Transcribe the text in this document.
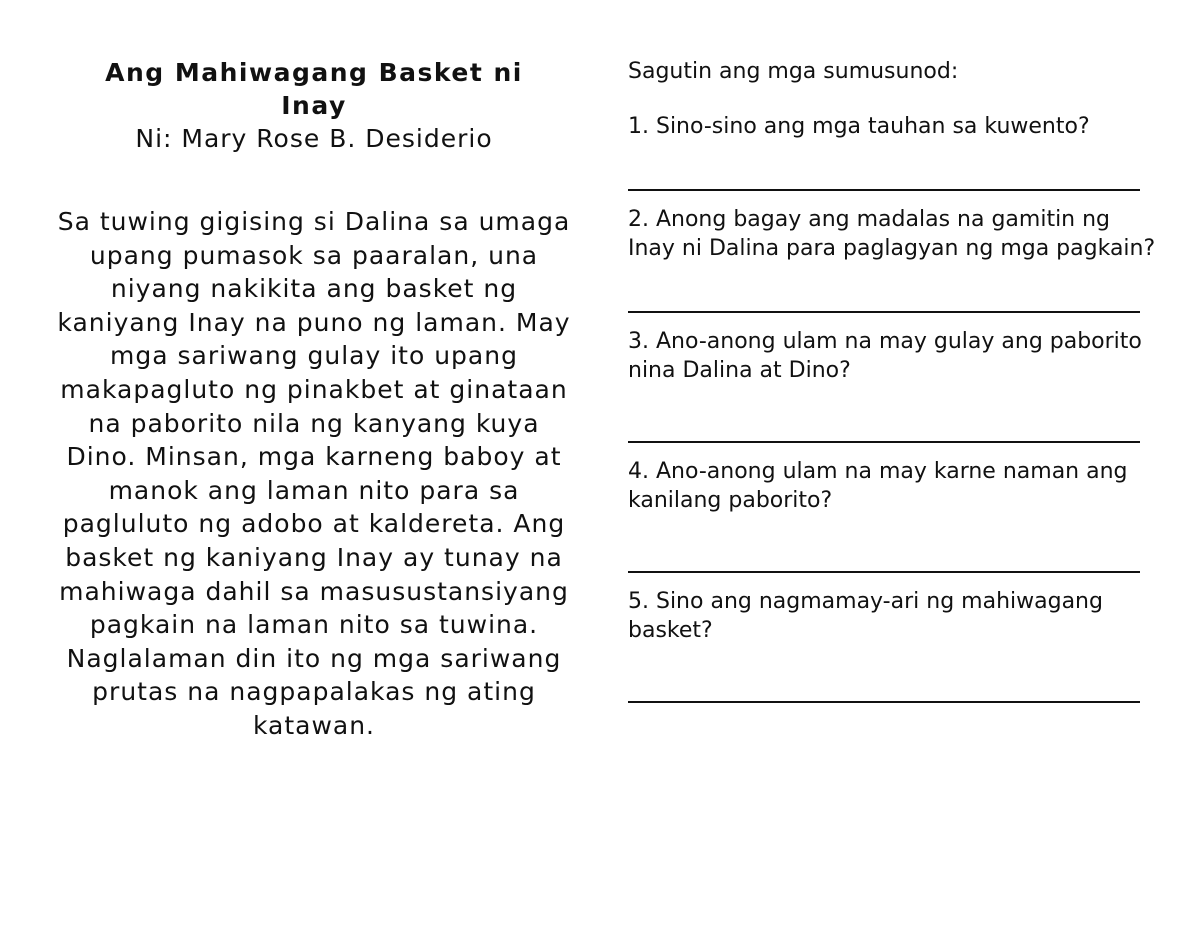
Ang Mahiwagang Basket ni Inay
Ni: Mary Rose B. Desiderio
Sa tuwing gigising si Dalina sa umaga upang pumasok sa paaralan, una niyang nakikita ang basket ng kaniyang Inay na puno ng laman. May mga sariwang gulay ito upang makapagluto ng pinakbet at ginataan na paborito nila ng kanyang kuya Dino. Minsan, mga karneng baboy at manok ang laman nito para sa pagluluto ng adobo at kaldereta. Ang basket ng kaniyang Inay ay tunay na mahiwaga dahil sa masusustansiyang pagkain na laman nito sa tuwina. Naglalaman din ito ng mga sariwang prutas na nagpapalakas ng ating katawan.

Sagutin ang mga sumusunod:

1. Sino-sino ang mga tauhan sa kuwento?

2. Anong bagay ang madalas na gamitin ng Inay ni Dalina para paglagyan ng mga pagkain?

3. Ano-anong ulam na may gulay ang paborito nina Dalina at Dino?

4. Ano-anong ulam na may karne naman ang kanilang paborito?

5. Sino ang nagmamay-ari ng mahiwagang basket?
